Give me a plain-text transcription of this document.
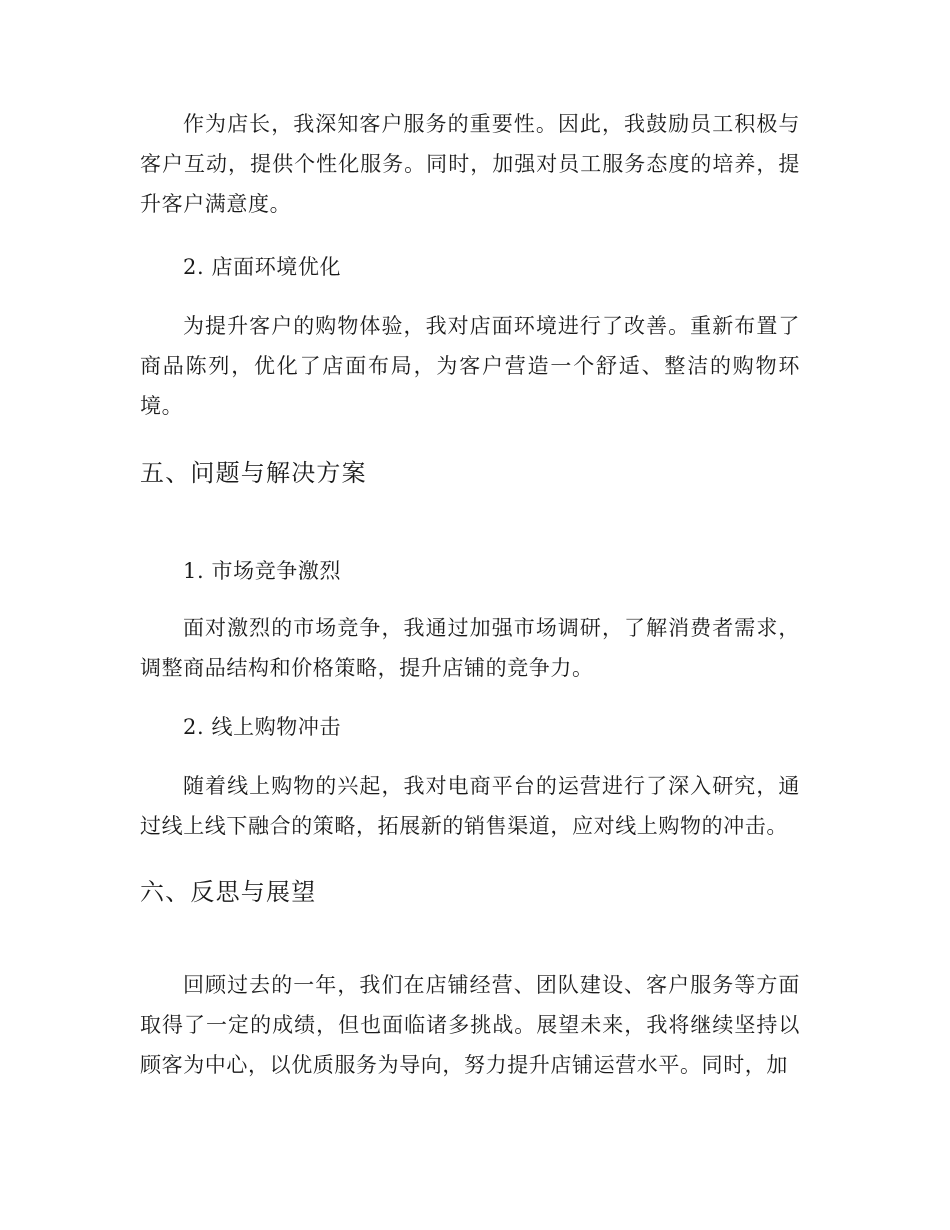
作为店长，我深知客户服务的重要性。因此，我鼓励员工积极与客户互动，提供个性化服务。同时，加强对员工服务态度的培养，提升客户满意度。

2. 店面环境优化

为提升客户的购物体验，我对店面环境进行了改善。重新布置了商品陈列，优化了店面布局，为客户营造一个舒适、整洁的购物环境。

五、问题与解决方案

1. 市场竞争激烈

面对激烈的市场竞争，我通过加强市场调研，了解消费者需求，调整商品结构和价格策略，提升店铺的竞争力。

2. 线上购物冲击

随着线上购物的兴起，我对电商平台的运营进行了深入研究，通过线上线下融合的策略，拓展新的销售渠道，应对线上购物的冲击。

六、反思与展望

回顾过去的一年，我们在店铺经营、团队建设、客户服务等方面取得了一定的成绩，但也面临诸多挑战。展望未来，我将继续坚持以顾客为中心，以优质服务为导向，努力提升店铺运营水平。同时，加
